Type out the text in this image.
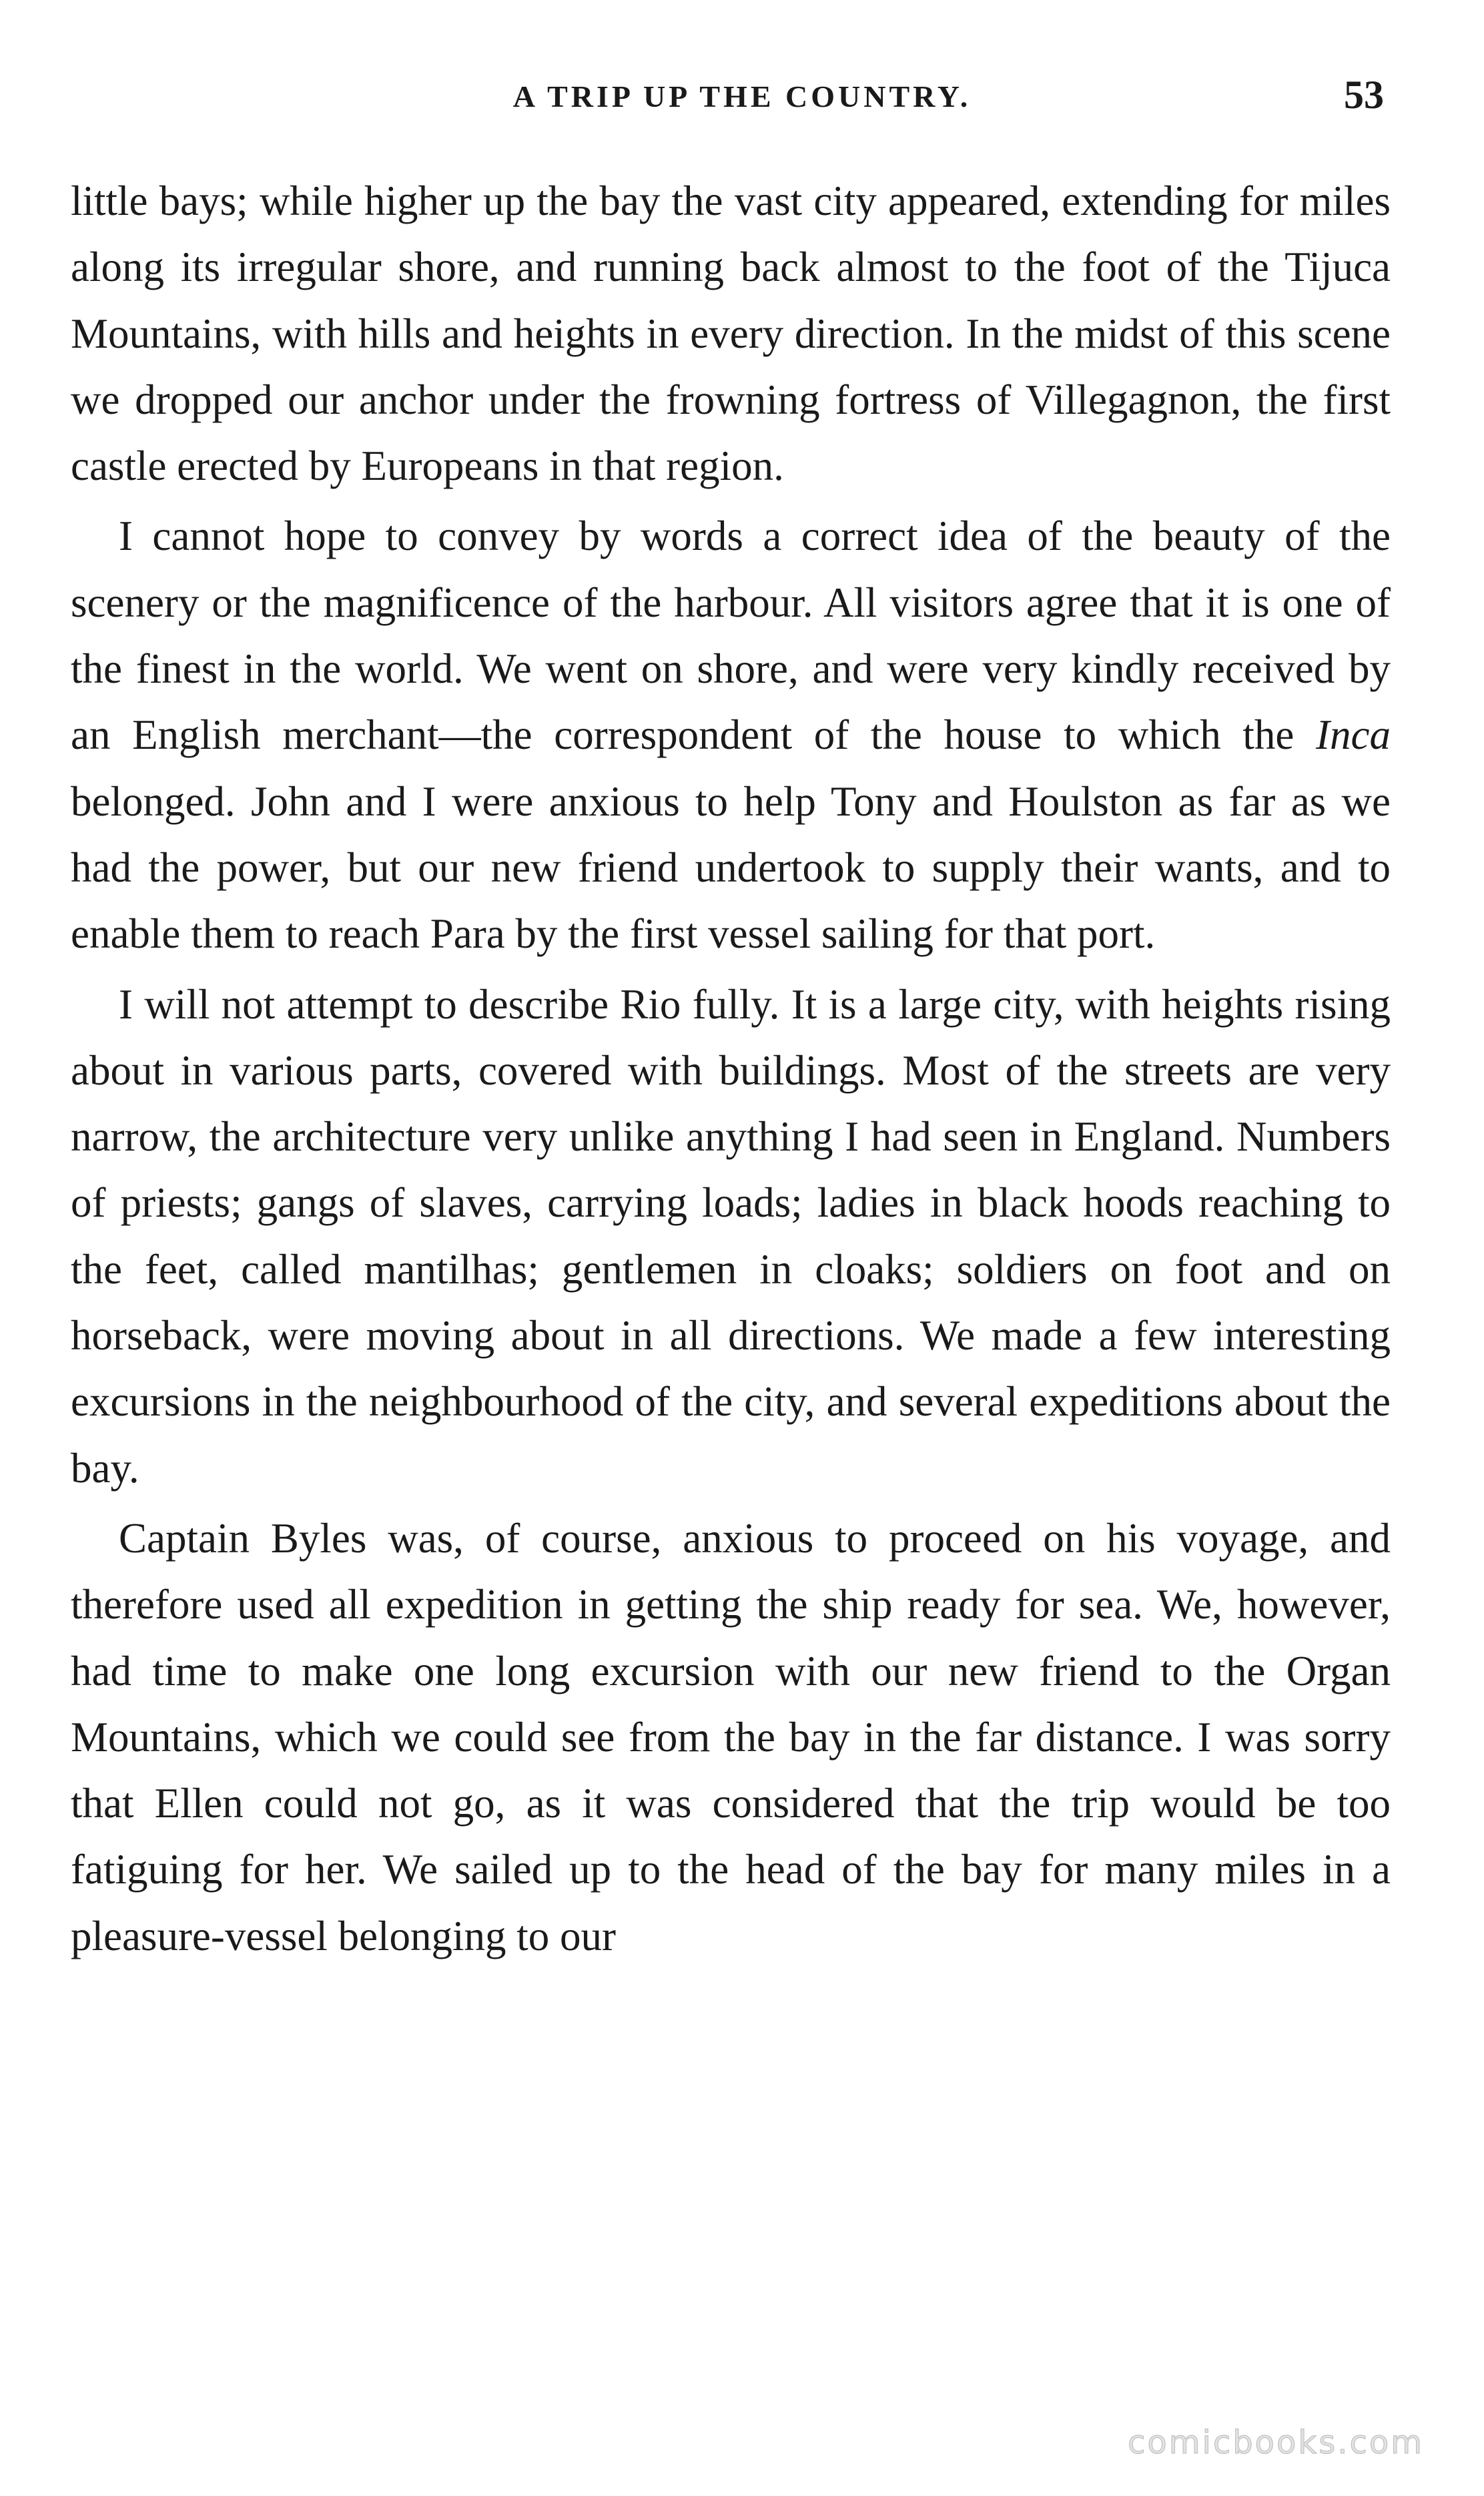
A TRIP UP THE COUNTRY.	53

little bays; while higher up the bay the vast city appeared, extending for miles along its irregular shore, and running back almost to the foot of the Tijuca Mountains, with hills and heights in every direction. In the midst of this scene we dropped our anchor under the frowning fortress of Villegagnon, the first castle erected by Europeans in that region.

I cannot hope to convey by words a correct idea of the beauty of the scenery or the magnificence of the harbour. All visitors agree that it is one of the finest in the world. We went on shore, and were very kindly received by an English merchant—the correspondent of the house to which the Inca belonged. John and I were anxious to help Tony and Houlston as far as we had the power, but our new friend undertook to supply their wants, and to enable them to reach Para by the first vessel sailing for that port.

I will not attempt to describe Rio fully. It is a large city, with heights rising about in various parts, covered with buildings. Most of the streets are very narrow, the architecture very unlike anything I had seen in England. Numbers of priests; gangs of slaves, carrying loads; ladies in black hoods reaching to the feet, called mantilhas; gentlemen in cloaks; soldiers on foot and on horseback, were moving about in all directions. We made a few interesting excursions in the neighbourhood of the city, and several expeditions about the bay.

Captain Byles was, of course, anxious to proceed on his voyage, and therefore used all expedition in getting the ship ready for sea. We, however, had time to make one long excursion with our new friend to the Organ Mountains, which we could see from the bay in the far distance. I was sorry that Ellen could not go, as it was considered that the trip would be too fatiguing for her. We sailed up to the head of the bay for many miles in a pleasure-vessel belonging to our

comicbooks.com
